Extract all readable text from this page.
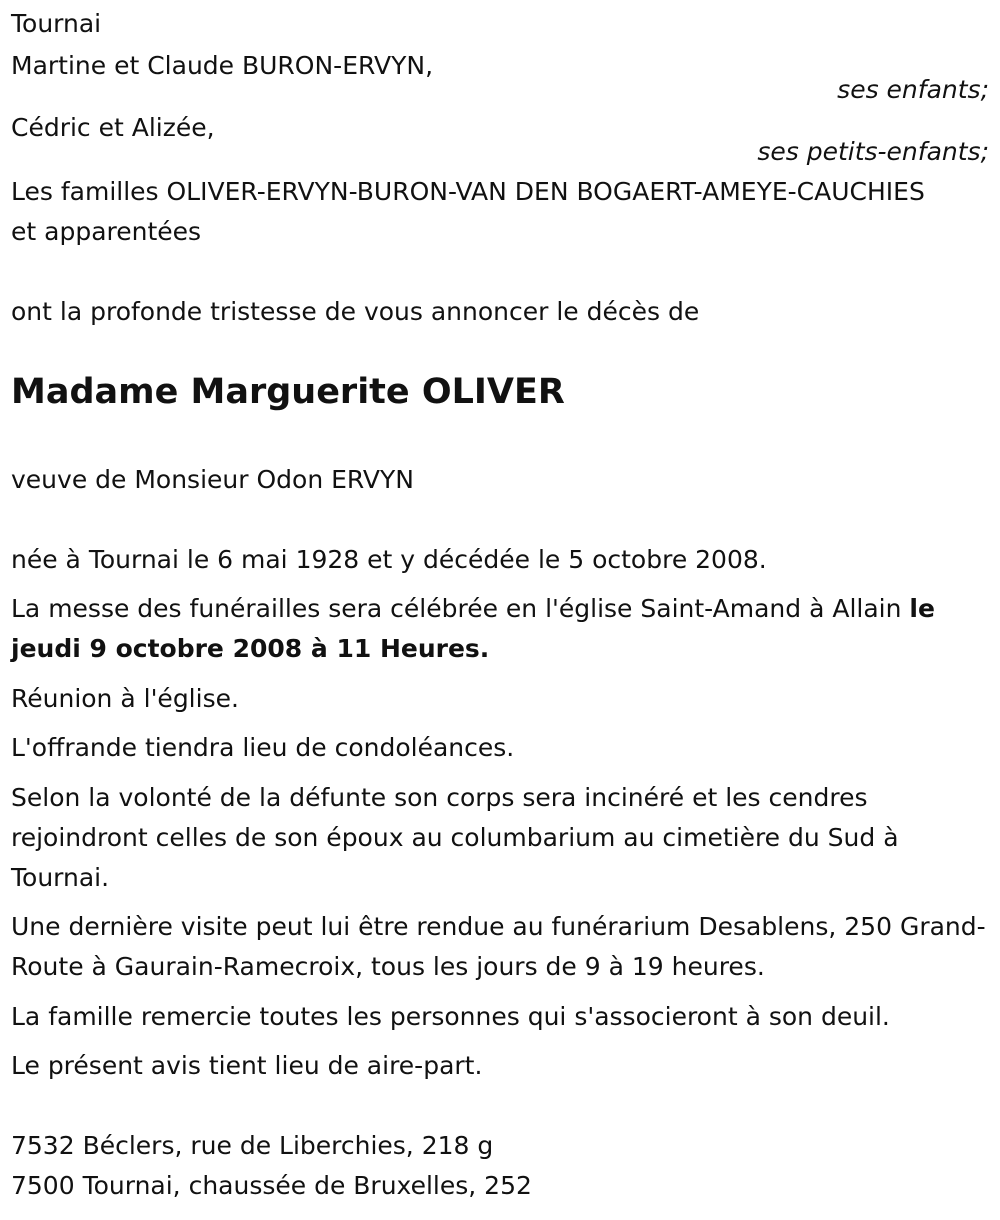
Tournai
Martine et Claude BURON-ERVYN,
ses enfants;
Cédric et Alizée,
ses petits-enfants;
Les familles OLIVER-ERVYN-BURON-VAN DEN BOGAERT-AMEYE-CAUCHIES
et apparentées
ont la profonde tristesse de vous annoncer le décès de
Madame Marguerite OLIVER
veuve de Monsieur Odon ERVYN
née à Tournai le 6 mai 1928 et y décédée le 5 octobre 2008.
La messe des funérailles sera célébrée en l'église Saint-Amand à Allain le jeudi 9 octobre 2008 à 11 Heures.
Réunion à l'église.
L'offrande tiendra lieu de condoléances.
Selon la volonté de la défunte son corps sera incinéré et les cendres rejoindront celles de son époux au columbarium au cimetière du Sud à Tournai.
Une dernière visite peut lui être rendue au funérarium Desablens, 250 Grand-Route à Gaurain-Ramecroix, tous les jours de 9 à 19 heures.
La famille remercie toutes les personnes qui s'associeront à son deuil.
Le présent avis tient lieu de aire-part.
7532 Béclers, rue de Liberchies, 218 g
7500 Tournai, chaussée de Bruxelles, 252
